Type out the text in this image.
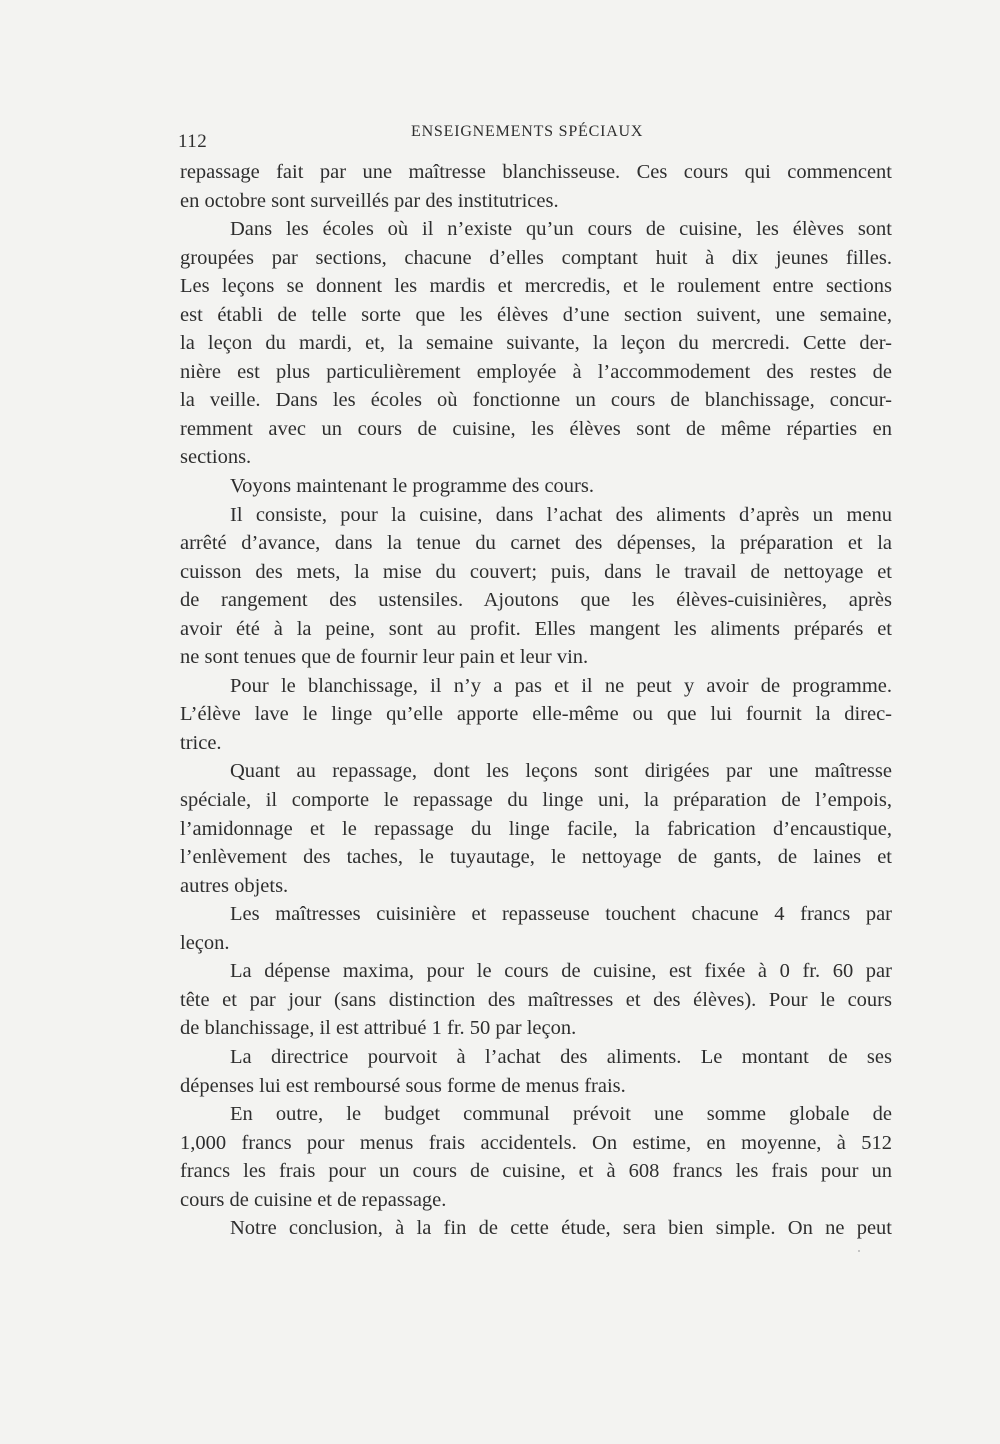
112	ENSEIGNEMENTS SPÉCIAUX
repassage fait par une maîtresse blanchisseuse. Ces cours qui commencent
en octobre sont surveillés par des institutrices.
Dans les écoles où il n’existe qu’un cours de cuisine, les élèves sont
groupées par sections, chacune d’elles comptant huit à dix jeunes filles.
Les leçons se donnent les mardis et mercredis, et le roulement entre sections
est établi de telle sorte que les élèves d’une section suivent, une semaine,
la leçon du mardi, et, la semaine suivante, la leçon du mercredi. Cette der-
nière est plus particulièrement employée à l’accommodement des restes de
la veille. Dans les écoles où fonctionne un cours de blanchissage, concur-
remment avec un cours de cuisine, les élèves sont de même réparties en
sections.
Voyons maintenant le programme des cours.
Il consiste, pour la cuisine, dans l’achat des aliments d’après un menu
arrêté d’avance, dans la tenue du carnet des dépenses, la préparation et la
cuisson des mets, la mise du couvert; puis, dans le travail de nettoyage et
de rangement des ustensiles. Ajoutons que les élèves-cuisinières, après
avoir été à la peine, sont au profit. Elles mangent les aliments préparés et
ne sont tenues que de fournir leur pain et leur vin.
Pour le blanchissage, il n’y a pas et il ne peut y avoir de programme.
L’élève lave le linge qu’elle apporte elle-même ou que lui fournit la direc-
trice.
Quant au repassage, dont les leçons sont dirigées par une maîtresse
spéciale, il comporte le repassage du linge uni, la préparation de l’empois,
l’amidonnage et le repassage du linge facile, la fabrication d’encaustique,
l’enlèvement des taches, le tuyautage, le nettoyage de gants, de laines et
autres objets.
Les maîtresses cuisinière et repasseuse touchent chacune 4 francs par
leçon.
La dépense maxima, pour le cours de cuisine, est fixée à 0 fr. 60 par
tête et par jour (sans distinction des maîtresses et des élèves). Pour le cours
de blanchissage, il est attribué 1 fr. 50 par leçon.
La directrice pourvoit à l’achat des aliments. Le montant de ses
dépenses lui est remboursé sous forme de menus frais.
En outre, le budget communal prévoit une somme globale de
1,000 francs pour menus frais accidentels. On estime, en moyenne, à 512
francs les frais pour un cours de cuisine, et à 608 francs les frais pour un
cours de cuisine et de repassage.
Notre conclusion, à la fin de cette étude, sera bien simple. On ne peut
